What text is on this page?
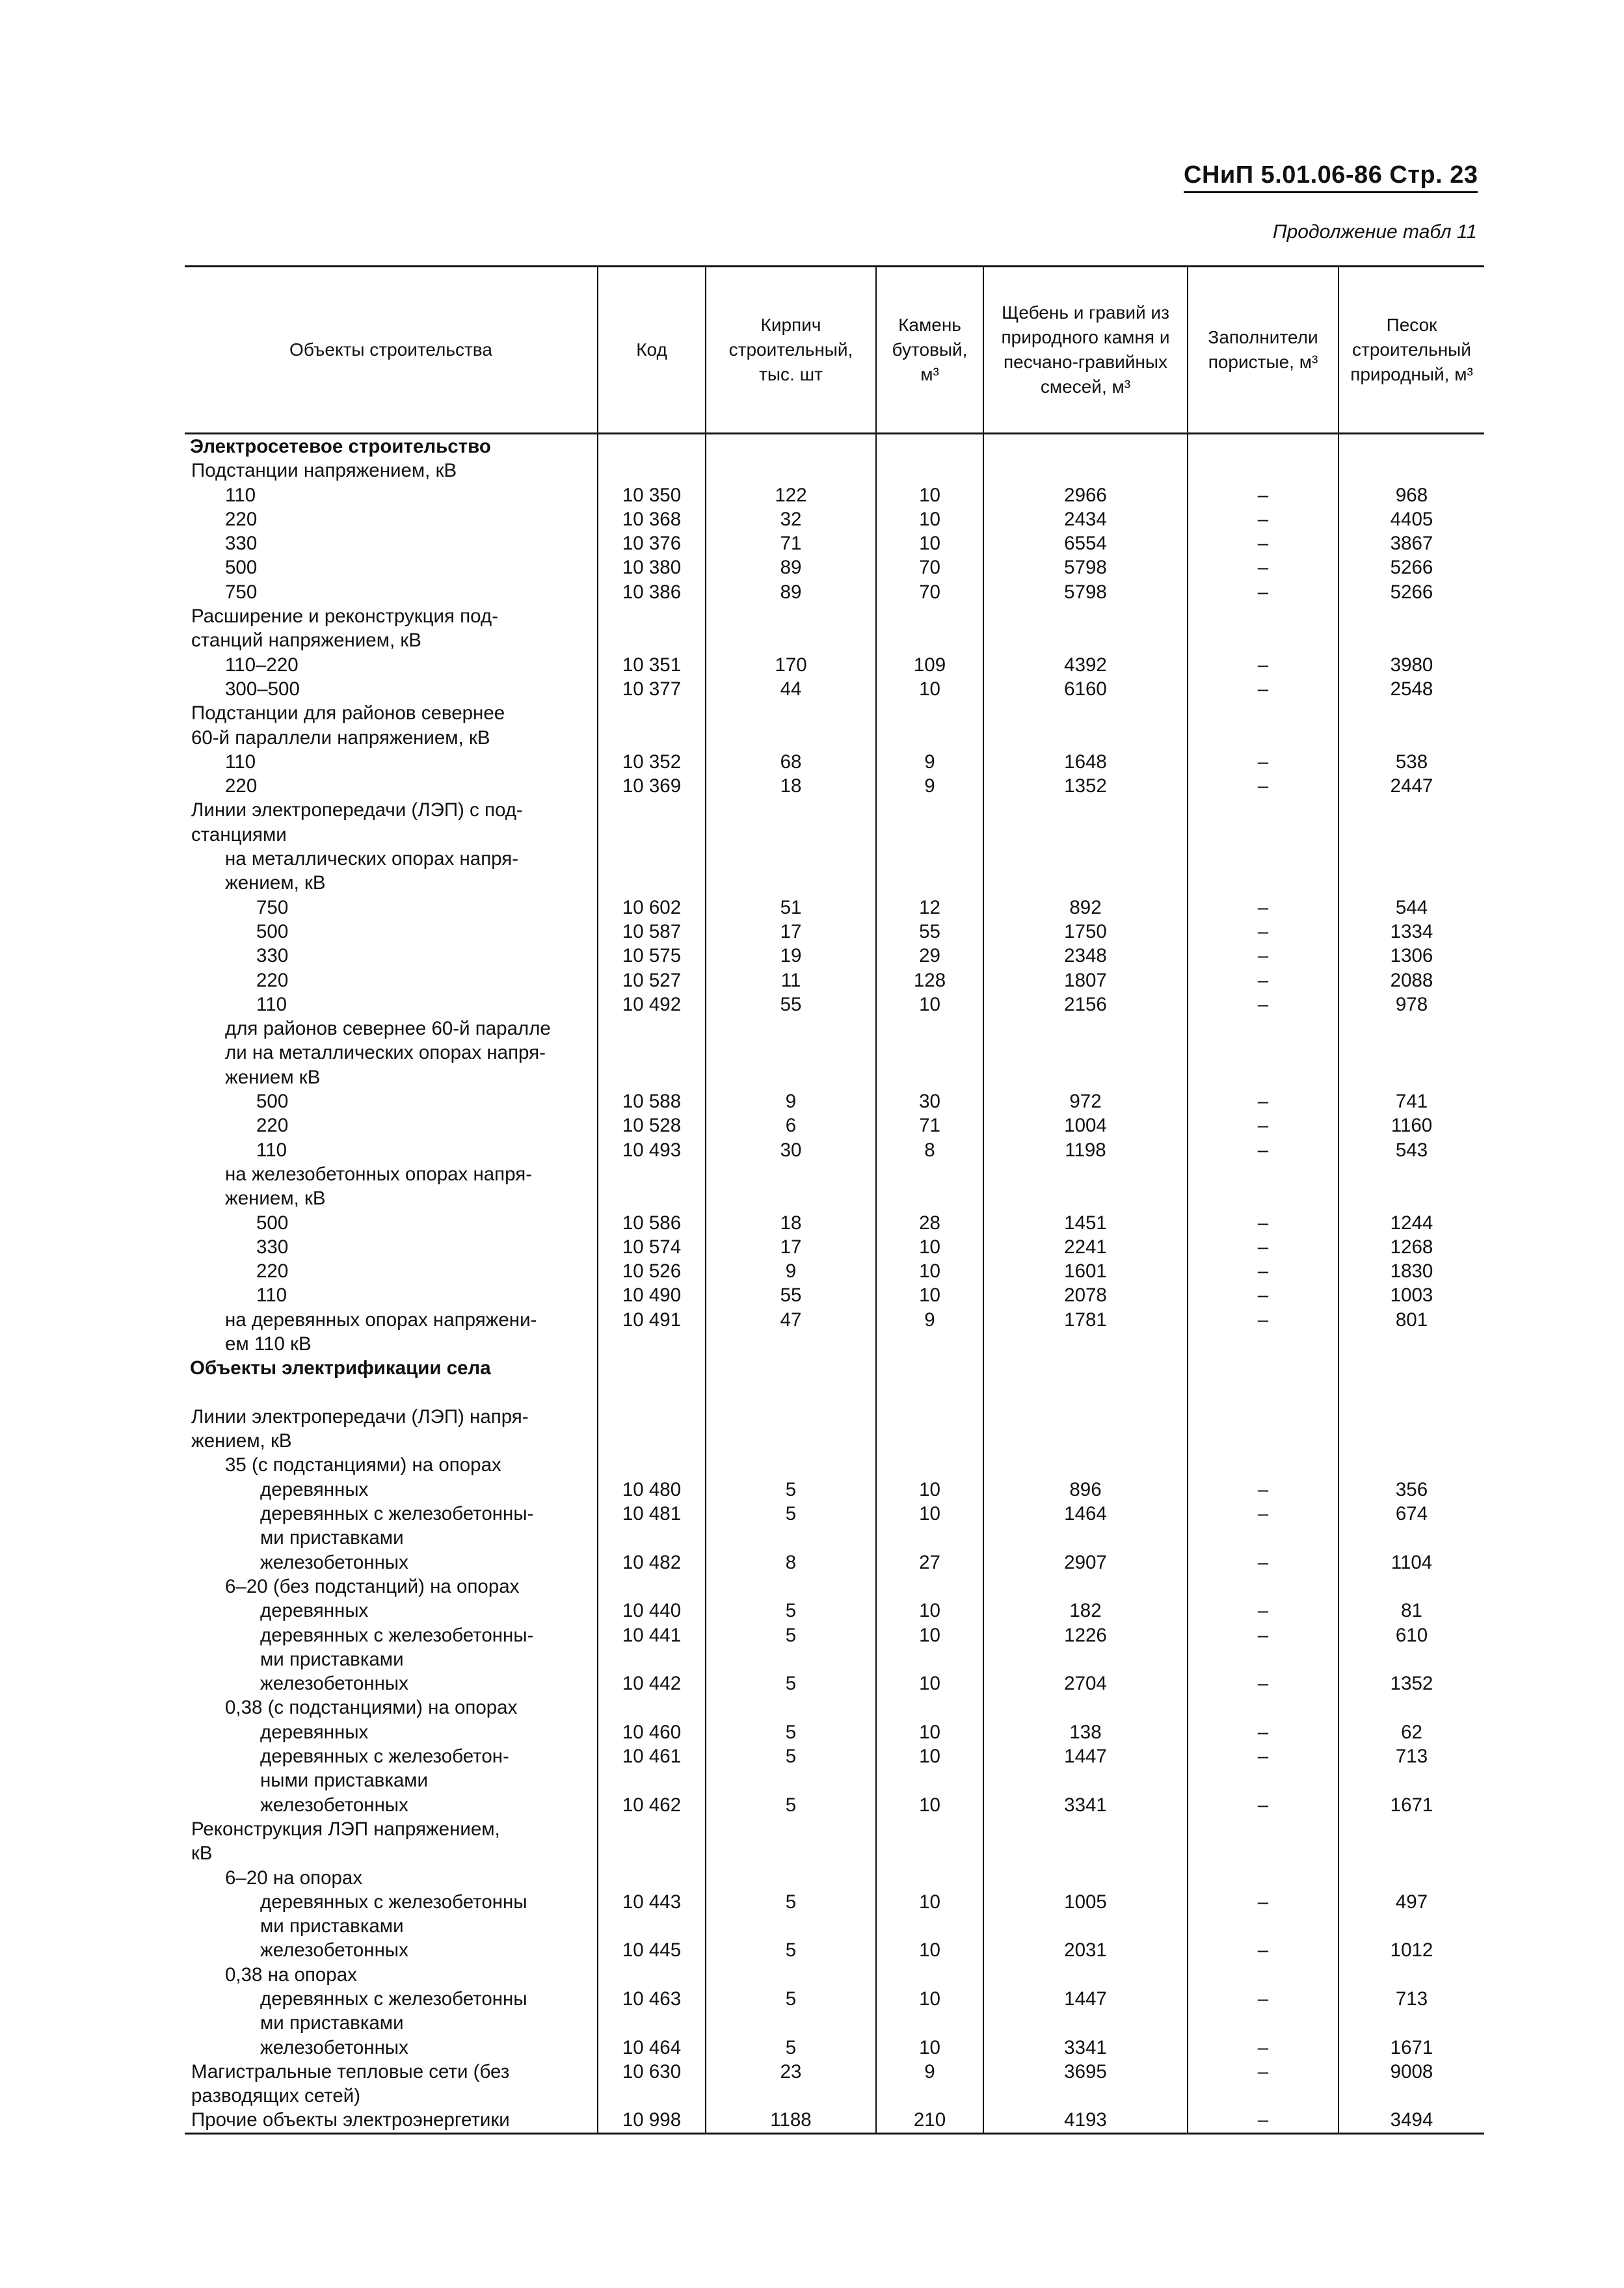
СНиП 5.01.06-86 Стр. 23
Продолжение табл 11
Объекты строительства	Код	Кирпич строительный, тыс. шт	Камень бутовый, м³	Щебень и гравий из природного камня и песчано-гравийных смесей, м³	Заполнители пористые, м³	Песок строительный природный, м³
Электросетевое строительство						
Подстанции напряжением, кВ						
110	10 350	122	10	2966	–	968
220	10 368	32	10	2434	–	4405
330	10 376	71	10	6554	–	3867
500	10 380	89	70	5798	–	5266
750	10 386	89	70	5798	–	5266
Расширение и реконструкция под-						
станций напряжением, кВ						
110–220	10 351	170	109	4392	–	3980
300–500	10 377	44	10	6160	–	2548
Подстанции для районов севернее						
60-й параллели напряжением, кВ						
110	10 352	68	9	1648	–	538
220	10 369	18	9	1352	–	2447
Линии электропередачи (ЛЭП) с под-						
станциями						
на металлических опорах напря-						
жением, кВ						
750	10 602	51	12	892	–	544
500	10 587	17	55	1750	–	1334
330	10 575	19	29	2348	–	1306
220	10 527	11	128	1807	–	2088
110	10 492	55	10	2156	–	978
для районов севернее 60-й паралле						
ли на металлических опорах напря-						
жением кВ						
500	10 588	9	30	972	–	741
220	10 528	6	71	1004	–	1160
110	10 493	30	8	1198	–	543
на железобетонных опорах напря-						
жением, кВ						
500	10 586	18	28	1451	–	1244
330	10 574	17	10	2241	–	1268
220	10 526	9	10	1601	–	1830
110	10 490	55	10	2078	–	1003
на деревянных опорах напряжени-	10 491	47	9	1781	–	801
ем 110 кВ						
Объекты электрификации села						

Линии электропередачи (ЛЭП) напря-						
жением, кВ						
35 (с подстанциями) на опорах						
деревянных	10 480	5	10	896	–	356
деревянных с железобетонны-	10 481	5	10	1464	–	674
ми приставками						
железобетонных	10 482	8	27	2907	–	1104
6–20 (без подстанций) на опорах						
деревянных	10 440	5	10	182	–	81
деревянных с железобетонны-	10 441	5	10	1226	–	610
ми приставками						
железобетонных	10 442	5	10	2704	–	1352
0,38 (с подстанциями) на опорах						
деревянных	10 460	5	10	138	–	62
деревянных с железобетон-	10 461	5	10	1447	–	713
ными приставками						
железобетонных	10 462	5	10	3341	–	1671
Реконструкция ЛЭП напряжением,						
кВ						
6–20 на опорах						
деревянных с железобетонны	10 443	5	10	1005	–	497
ми приставками						
железобетонных	10 445	5	10	2031	–	1012
0,38 на опорах						
деревянных с железобетонны	10 463	5	10	1447	–	713
ми приставками						
железобетонных	10 464	5	10	3341	–	1671
Магистральные тепловые сети (без	10 630	23	9	3695	–	9008
разводящих сетей)						
Прочие объекты электроэнергетики	10 998	1188	210	4193	–	3494
